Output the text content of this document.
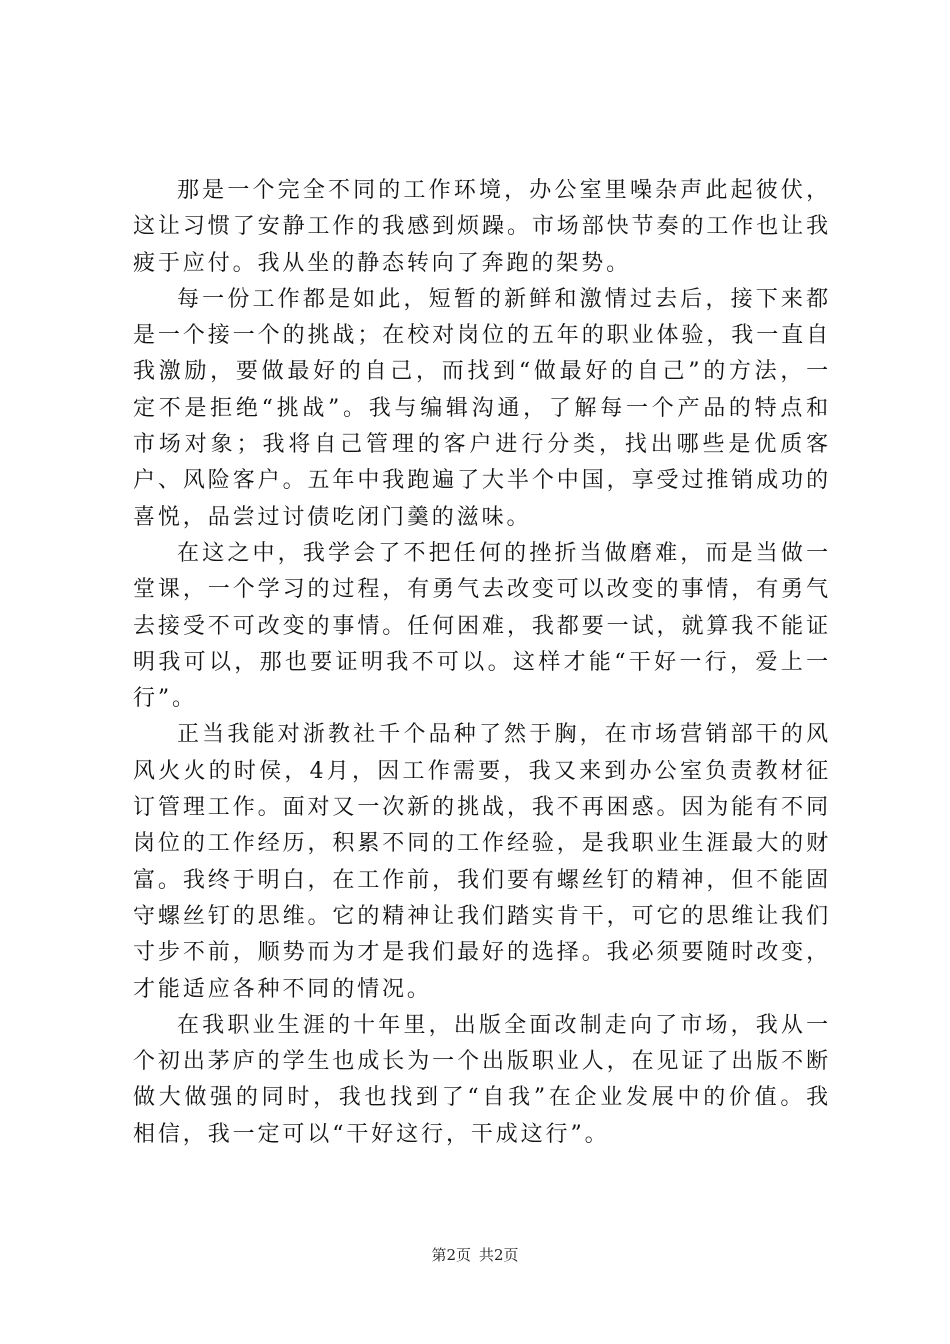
那是一个完全不同的工作环境，办公室里噪杂声此起彼伏，这让习惯了安静工作的我感到烦躁。市场部快节奏的工作也让我疲于应付。我从坐的静态转向了奔跑的架势。

每一份工作都是如此，短暂的新鲜和激情过去后，接下来都是一个接一个的挑战；在校对岗位的五年的职业体验，我一直自我激励，要做最好的自己，而找到“做最好的自己”的方法，一定不是拒绝“挑战”。我与编辑沟通，了解每一个产品的特点和市场对象；我将自己管理的客户进行分类，找出哪些是优质客户、风险客户。五年中我跑遍了大半个中国，享受过推销成功的喜悦，品尝过讨债吃闭门羹的滋味。

在这之中，我学会了不把任何的挫折当做磨难，而是当做一堂课，一个学习的过程，有勇气去改变可以改变的事情，有勇气去接受不可改变的事情。任何困难，我都要一试，就算我不能证明我可以，那也要证明我不可以。这样才能“干好一行，爱上一行”。

正当我能对浙教社千个品种了然于胸，在市场营销部干的风风火火的时侯，4月，因工作需要，我又来到办公室负责教材征订管理工作。面对又一次新的挑战，我不再困惑。因为能有不同岗位的工作经历，积累不同的工作经验，是我职业生涯最大的财富。我终于明白，在工作前，我们要有螺丝钉的精神，但不能固守螺丝钉的思维。它的精神让我们踏实肯干，可它的思维让我们寸步不前，顺势而为才是我们最好的选择。我必须要随时改变，才能适应各种不同的情况。

在我职业生涯的十年里，出版全面改制走向了市场，我从一个初出茅庐的学生也成长为一个出版职业人，在见证了出版不断做大做强的同时，我也找到了“自我”在企业发展中的价值。我相信，我一定可以“干好这行，干成这行”。

第2页 共2页
